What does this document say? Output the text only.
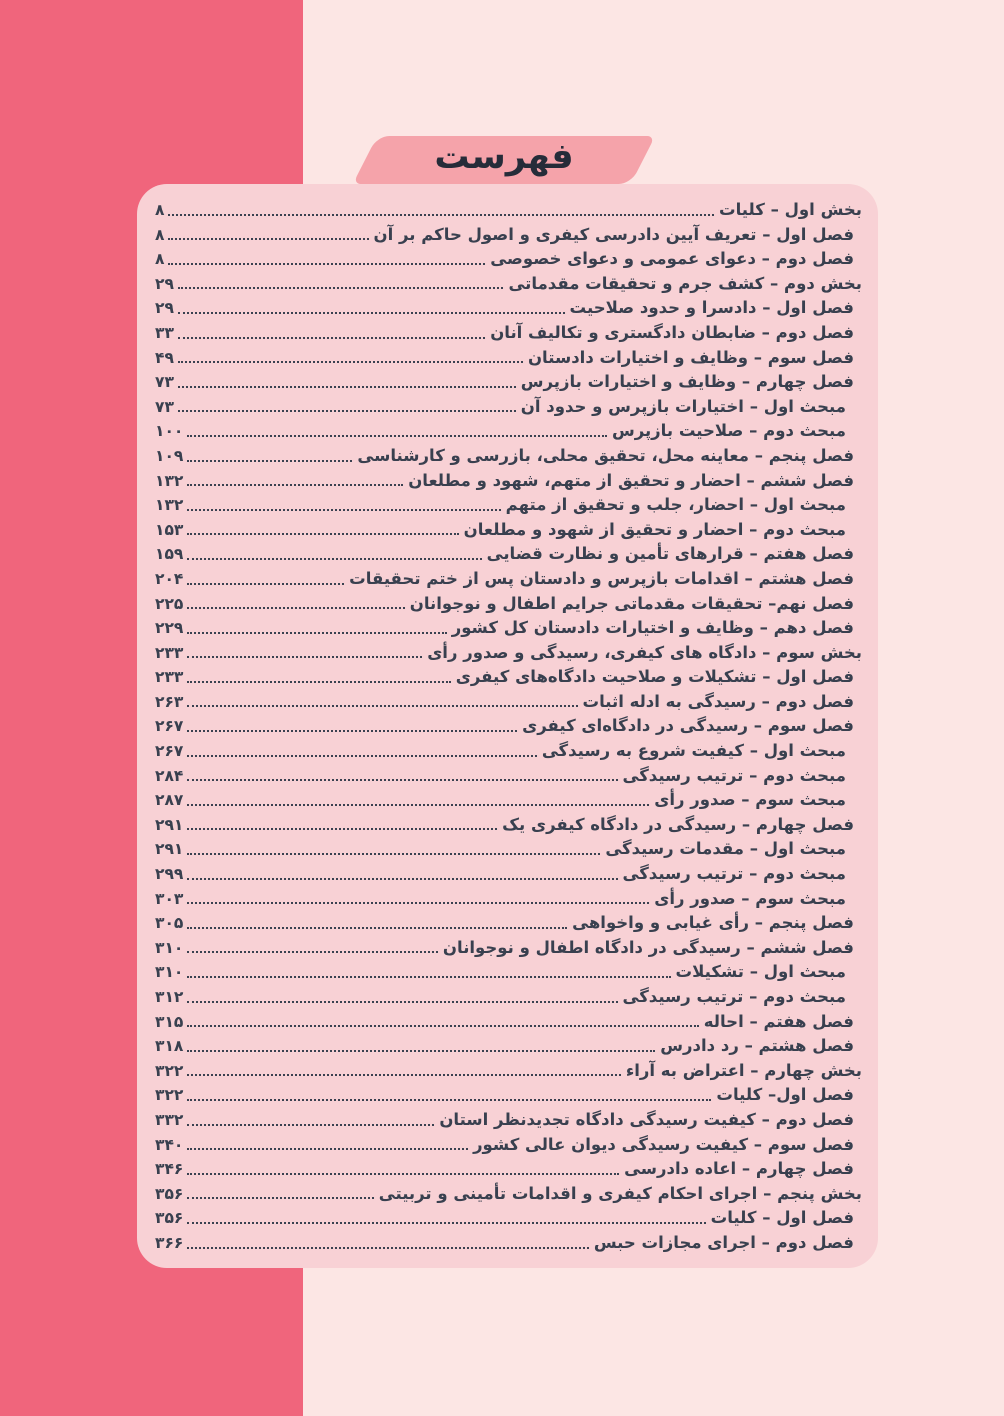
فهرست
بخش اول – کلیات
۸
فصل اول – تعریف آیین دادرسی کیفری و اصول حاکم بر آن
۸
فصل دوم – دعوای عمومی و دعوای خصوصی
۸
بخش دوم – کشف جرم و تحقیقات مقدماتی
۲۹
فصل اول – دادسرا و حدود صلاحیت
۲۹
فصل دوم – ضابطان دادگستری و تکالیف آنان
۳۳
فصل سوم – وظایف و اختیارات دادستان
۴۹
فصل چهارم – وظایف و اختیارات بازپرس
۷۳
مبحث اول – اختیارات بازپرس و حدود آن
۷۳
مبحث دوم – صلاحیت بازپرس
۱۰۰
فصل پنجم – معاینه محل، تحقیق محلی، بازرسی و کارشناسی
۱۰۹
فصل ششم – احضار و تحقیق از متهم، شهود و مطلعان
۱۳۲
مبحث اول – احضار، جلب و تحقیق از متهم
۱۳۲
مبحث دوم – احضار و تحقیق از شهود و مطلعان
۱۵۳
فصل هفتم – قرارهای تأمین و نظارت قضایی
۱۵۹
فصل هشتم – اقدامات بازپرس و دادستان پس از ختم تحقیقات
۲۰۴
فصل نهم– تحقیقات مقدماتی جرایم اطفال و نوجوانان
۲۲۵
فصل دهم – وظایف و اختیارات دادستان کل کشور
۲۲۹
بخش سوم – دادگاه های کیفری، رسیدگی و صدور رأی
۲۳۳
فصل اول – تشکیلات و صلاحیت دادگاه‌های کیفری
۲۳۳
فصل دوم – رسیدگی به ادله اثبات
۲۶۳
فصل سوم – رسیدگی در دادگاه‌ای کیفری
۲۶۷
مبحث اول – کیفیت شروع به رسیدگی
۲۶۷
مبحث دوم – ترتیب رسیدگی
۲۸۴
مبحث سوم – صدور رأی
۲۸۷
فصل چهارم – رسیدگی در دادگاه کیفری یک
۲۹۱
مبحث اول – مقدمات رسیدگی
۲۹۱
مبحث دوم – ترتیب رسیدگی
۲۹۹
مبحث سوم – صدور رأی
۳۰۳
فصل پنجم – رأی غیابی و واخواهی
۳۰۵
فصل ششم – رسیدگی در دادگاه اطفال و نوجوانان
۳۱۰
مبحث اول – تشکیلات
۳۱۰
مبحث دوم – ترتیب رسیدگی
۳۱۲
فصل هفتم – احاله
۳۱۵
فصل هشتم – رد دادرس
۳۱۸
بخش چهارم – اعتراض به آراء
۳۲۲
فصل اول– کلیات
۳۲۲
فصل دوم – کیفیت رسیدگی دادگاه تجدیدنظر استان
۳۳۲
فصل سوم – کیفیت رسیدگی دیوان عالی کشور
۳۴۰
فصل چهارم – اعاده دادرسی
۳۴۶
بخش پنجم – اجرای احکام کیفری و اقدامات تأمینی و تربیتی
۳۵۶
فصل اول – کلیات
۳۵۶
فصل دوم – اجرای مجازات حبس
۳۶۶
